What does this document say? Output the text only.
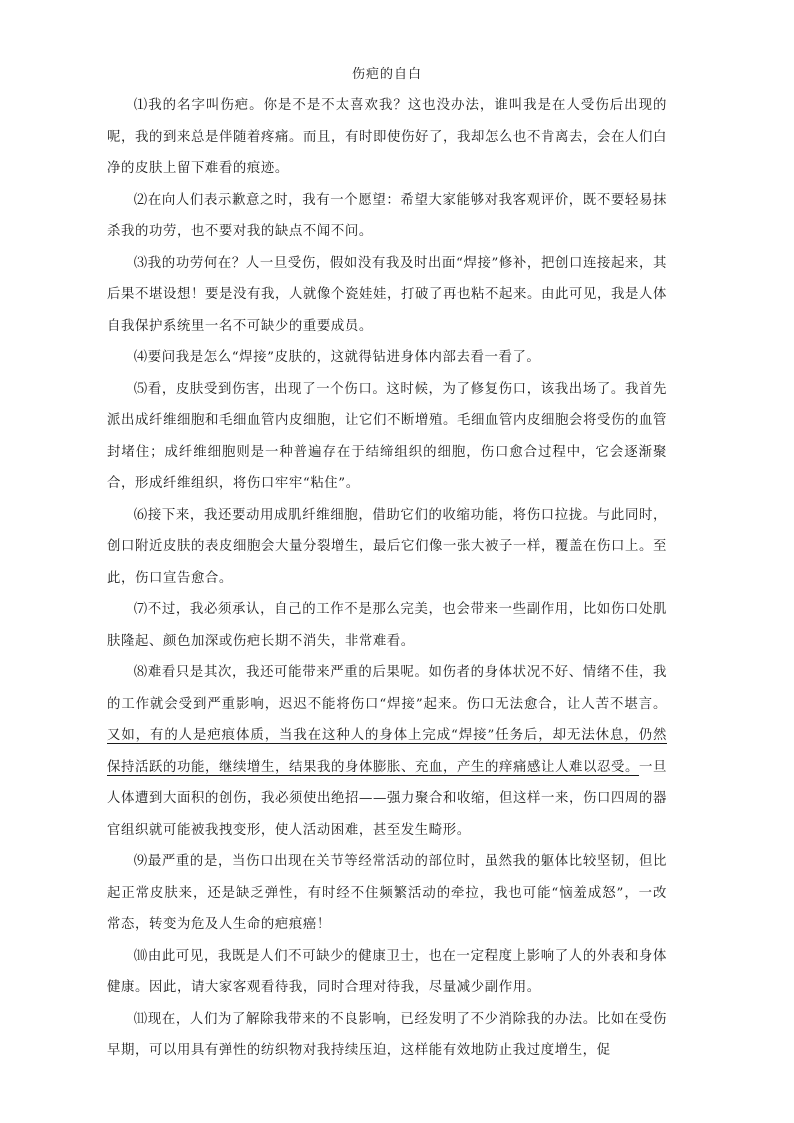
伤疤的自白

⑴我的名字叫伤疤。你是不是不太喜欢我？这也没办法，谁叫我是在人受伤后出现的呢，我的到来总是伴随着疼痛。而且，有时即使伤好了，我却怎么也不肯离去，会在人们白净的皮肤上留下难看的痕迹。

⑵在向人们表示歉意之时，我有一个愿望：希望大家能够对我客观评价，既不要轻易抹杀我的功劳，也不要对我的缺点不闻不问。

⑶我的功劳何在？人一旦受伤，假如没有我及时出面“焊接”修补，把创口连接起来，其后果不堪设想！要是没有我，人就像个瓷娃娃，打破了再也粘不起来。由此可见，我是人体自我保护系统里一名不可缺少的重要成员。

⑷要问我是怎么“焊接”皮肤的，这就得钻进身体内部去看一看了。

⑸看，皮肤受到伤害，出现了一个伤口。这时候，为了修复伤口，该我出场了。我首先派出成纤维细胞和毛细血管内皮细胞，让它们不断增殖。毛细血管内皮细胞会将受伤的血管封堵住；成纤维细胞则是一种普遍存在于结缔组织的细胞，伤口愈合过程中，它会逐渐聚合，形成纤维组织，将伤口牢牢“粘住”。

⑹接下来，我还要动用成肌纤维细胞，借助它们的收缩功能，将伤口拉拢。与此同时，创口附近皮肤的表皮细胞会大量分裂增生，最后它们像一张大被子一样，覆盖在伤口上。至此，伤口宣告愈合。

⑺不过，我必须承认，自己的工作不是那么完美，也会带来一些副作用，比如伤口处肌肤隆起、颜色加深或伤疤长期不消失，非常难看。

⑻难看只是其次，我还可能带来严重的后果呢。如伤者的身体状况不好、情绪不佳，我的工作就会受到严重影响，迟迟不能将伤口“焊接”起来。伤口无法愈合，让人苦不堪言。又如，有的人是疤痕体质，当我在这种人的身体上完成“焊接”任务后，却无法休息，仍然保持活跃的功能，继续增生，结果我的身体膨胀、充血，产生的痒痛感让人难以忍受。一旦人体遭到大面积的创伤，我必须使出绝招——强力聚合和收缩，但这样一来，伤口四周的器官组织就可能被我拽变形，使人活动困难，甚至发生畸形。

⑼最严重的是，当伤口出现在关节等经常活动的部位时，虽然我的躯体比较坚韧，但比起正常皮肤来，还是缺乏弹性，有时经不住频繁活动的牵拉，我也可能“恼羞成怒”，一改常态，转变为危及人生命的疤痕癌！

⑽由此可见，我既是人们不可缺少的健康卫士，也在一定程度上影响了人的外表和身体健康。因此，请大家客观看待我，同时合理对待我，尽量减少副作用。

⑾现在，人们为了解除我带来的不良影响，已经发明了不少消除我的办法。比如在受伤早期，可以用具有弹性的纺织物对我持续压迫，这样能有效地防止我过度增生，促
